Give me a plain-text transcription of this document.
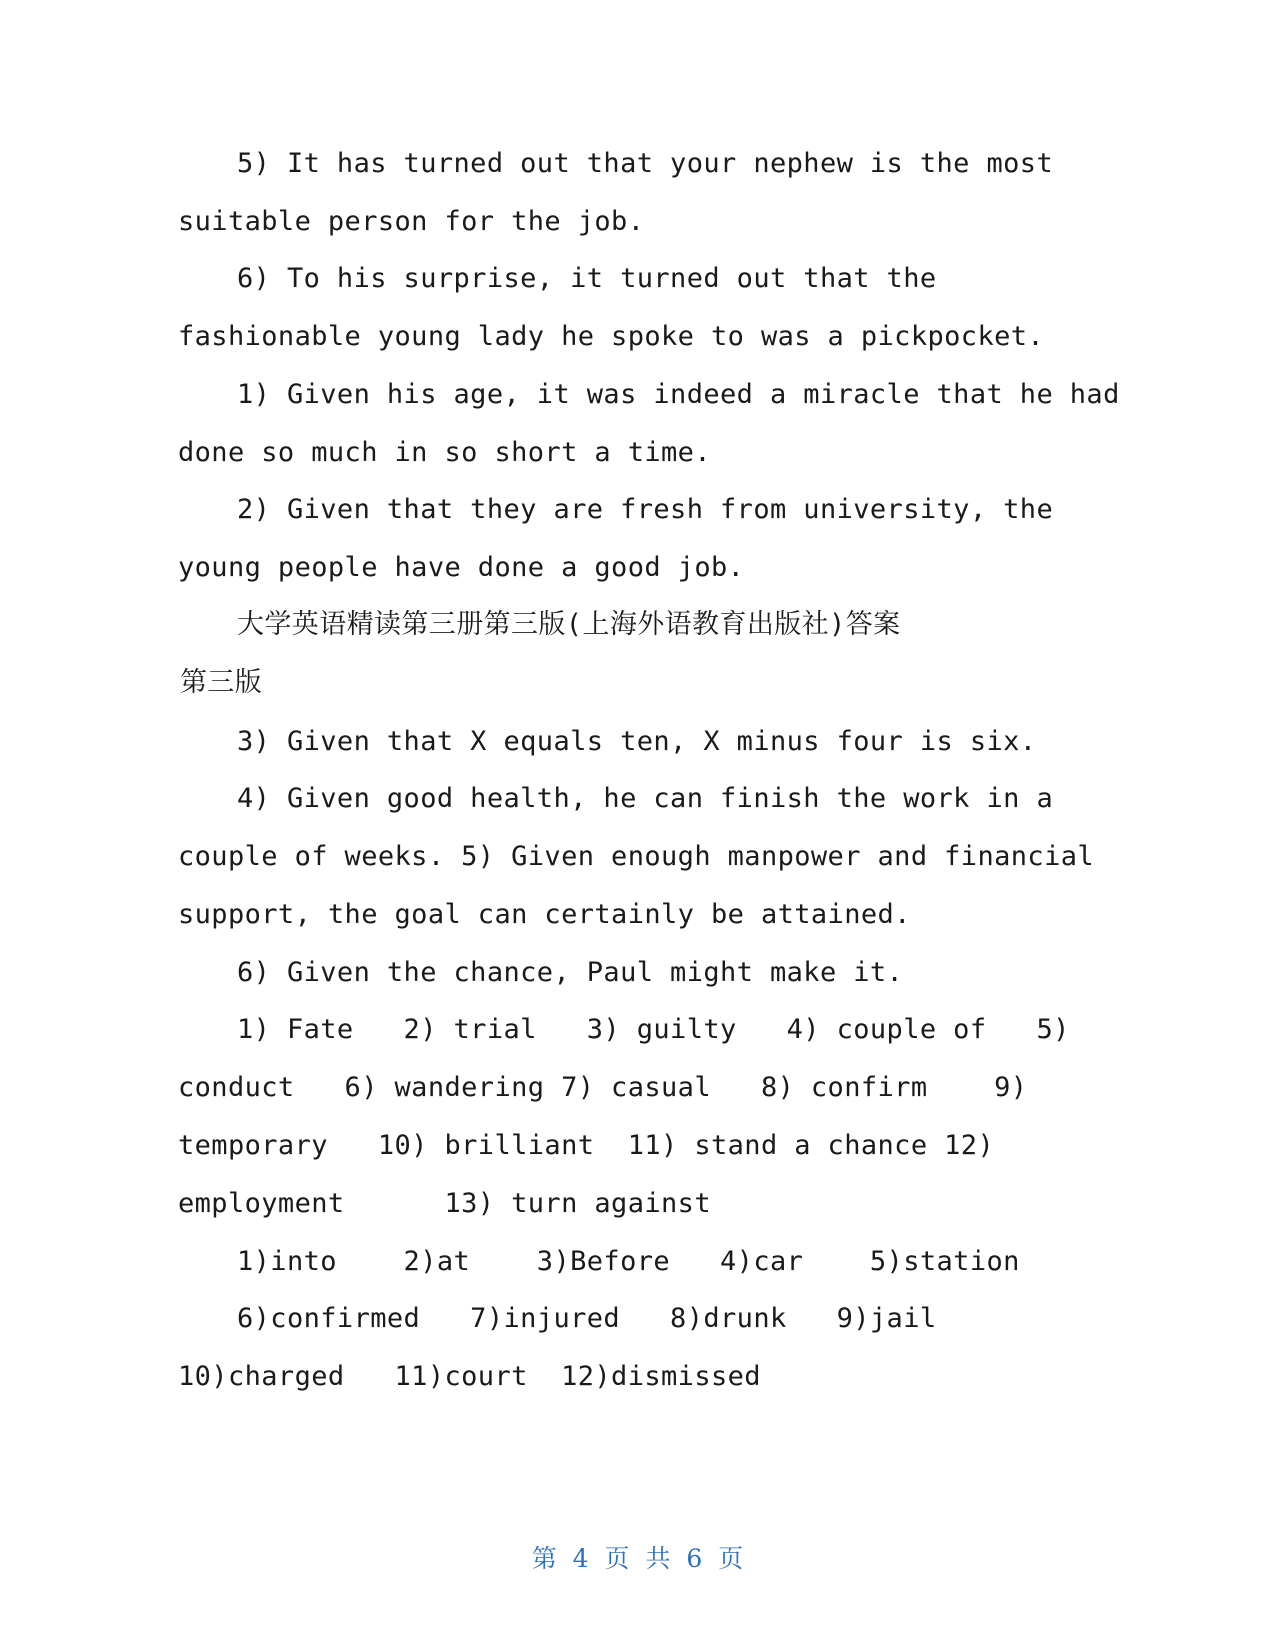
5) It has turned out that your nephew is the most
suitable person for the job.
6) To his surprise, it turned out that the
fashionable young lady he spoke to was a pickpocket.
1) Given his age, it was indeed a miracle that he had
done so much in so short a time.
2) Given that they are fresh from university, the
young people have done a good job.
大学英语精读第三册第三版(上海外语教育出版社)答案
第三版
3) Given that X equals ten, X minus four is six.
4) Given good health, he can finish the work in a
couple of weeks. 5) Given enough manpower and financial
support, the goal can certainly be attained.
6) Given the chance, Paul might make it.
1) Fate   2) trial   3) guilty   4) couple of   5)
conduct   6) wandering 7) casual   8) confirm    9)
temporary   10) brilliant  11) stand a chance 12)
employment      13) turn against
1)into    2)at    3)Before   4)car    5)station
6)confirmed   7)injured   8)drunk   9)jail
10)charged   11)court  12)dismissed
第 4 页 共 6 页
